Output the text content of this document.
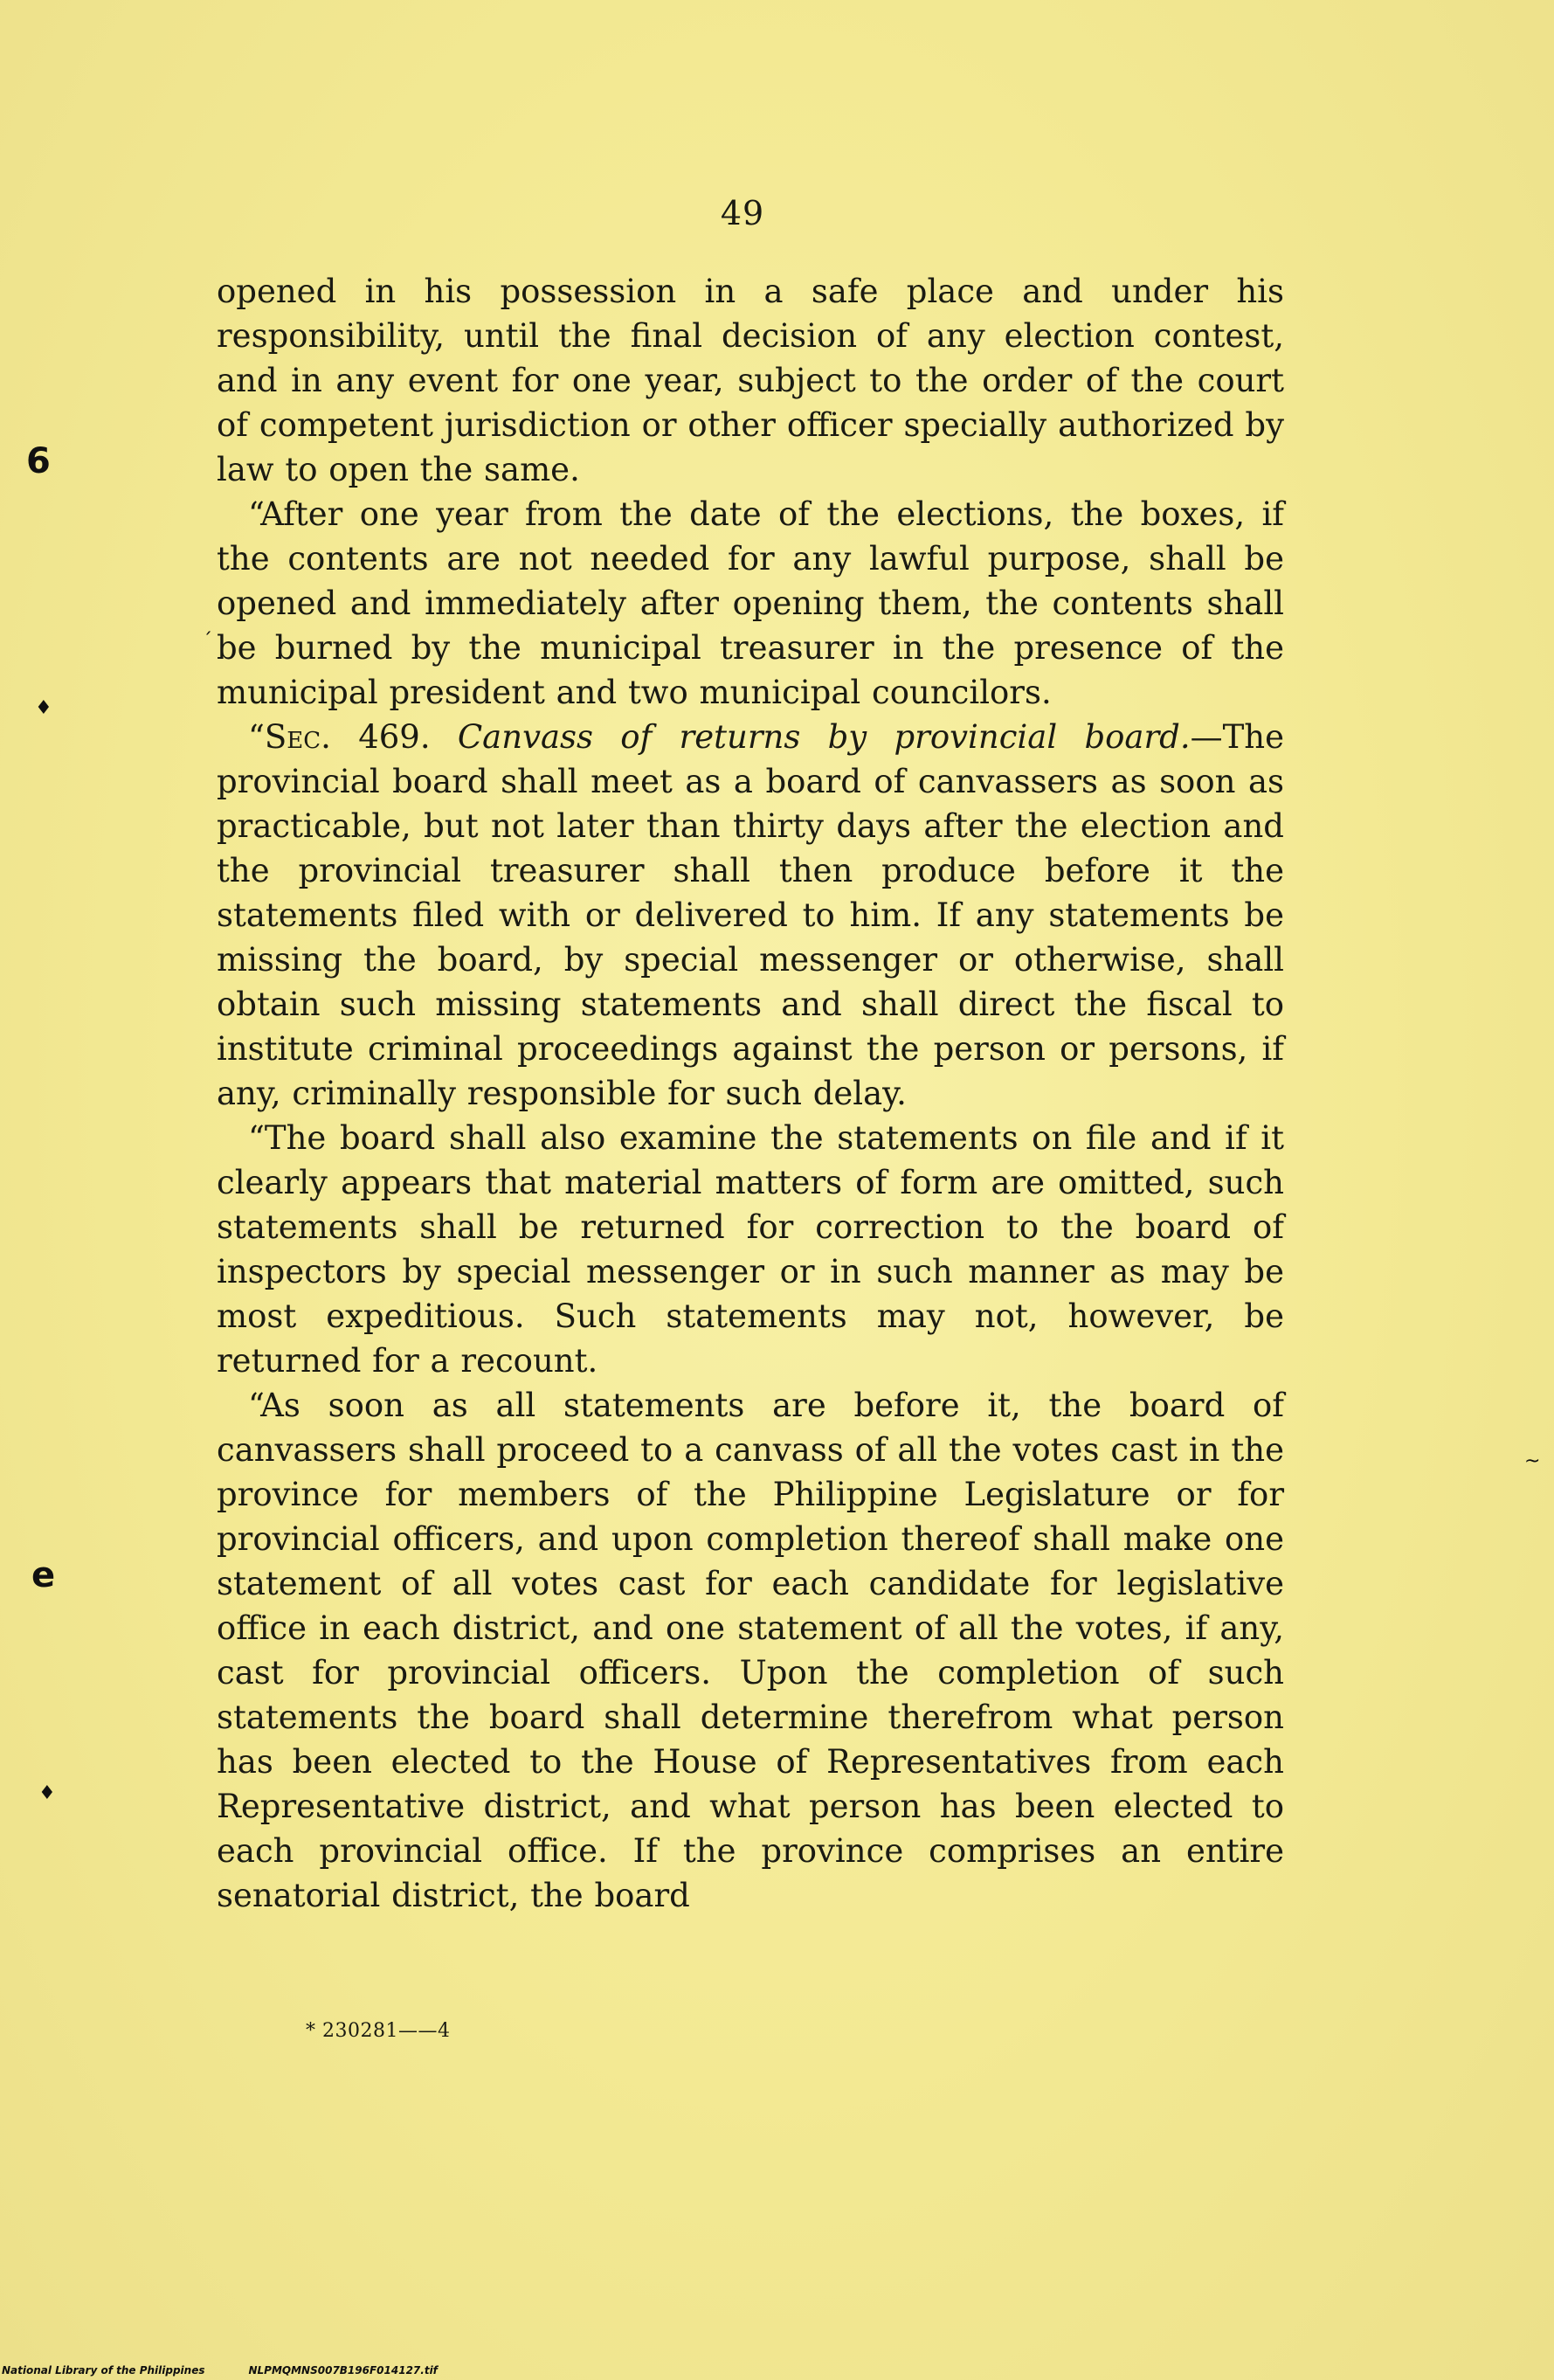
49

opened in his possession in a safe place and under his responsibility, until the final decision of any election contest, and in any event for one year, subject to the order of the court of competent jurisdiction or other officer specially authorized by law to open the same.

“After one year from the date of the elections, the boxes, if the contents are not needed for any lawful purpose, shall be opened and immediately after opening them, the contents shall be burned by the municipal treasurer in the presence of the municipal president and two municipal councilors.

“Sec. 469. Canvass of returns by provincial board.—The provincial board shall meet as a board of canvassers as soon as practicable, but not later than thirty days after the election and the provincial treasurer shall then produce before it the statements filed with or delivered to him. If any statements be missing the board, by special messenger or otherwise, shall obtain such missing statements and shall direct the fiscal to institute criminal proceedings against the person or persons, if any, criminally responsible for such delay.

“The board shall also examine the statements on file and if it clearly appears that material matters of form are omitted, such statements shall be returned for correction to the board of inspectors by special messenger or in such manner as may be most expeditious. Such statements may not, however, be returned for a recount.

“As soon as all statements are before it, the board of canvassers shall proceed to a canvass of all the votes cast in the province for members of the Philippine Legislature or for provincial officers, and upon completion thereof shall make one statement of all votes cast for each candidate for legislative office in each district, and one statement of all the votes, if any, cast for provincial officers. Upon the completion of such statements the board shall determine therefrom what person has been elected to the House of Representatives from each Representative district, and what person has been elected to each provincial office. If the province comprises an entire senatorial district, the board

* 230281——4
6
♦
e
♦
ˏ
~
National Library of the Philippines	NLPMQMNS007B196F014127.tif
